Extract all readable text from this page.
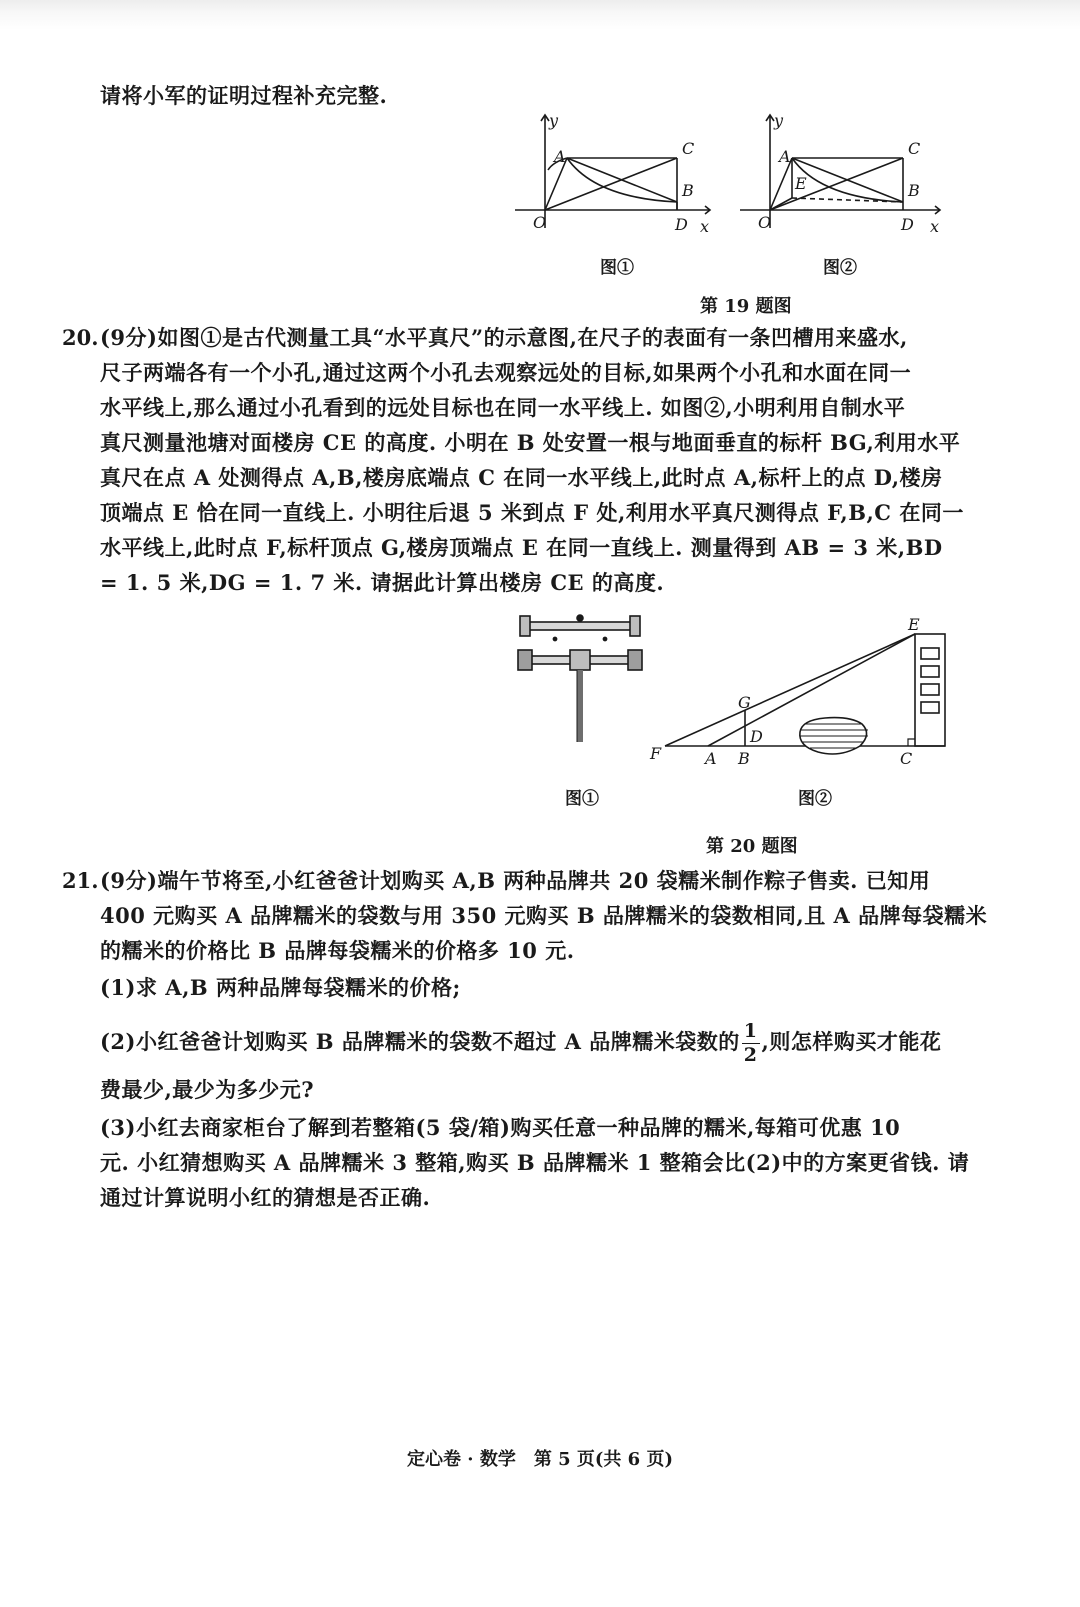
请将小军的证明过程补充完整.
y
x
O
A	C
B
D
y
x
O
A
E
C
B
D
图①	图②
第 19 题图
20. (9分)如图①是古代测量工具“水平真尺”的示意图,在尺子的表面有一条凹槽用来盛水,
尺子两端各有一个小孔,通过这两个小孔去观察远处的目标,如果两个小孔和水面在同一
水平线上,那么通过小孔看到的远处目标也在同一水平线上. 如图②,小明利用自制水平
真尺测量池塘对面楼房 CE 的高度. 小明在 B 处安置一根与地面垂直的标杆 BG,利用水平
真尺在点 A 处测得点 A,B,楼房底端点 C 在同一水平线上,此时点 A,标杆上的点 D,楼房
顶端点 E 恰在同一直线上. 小明往后退 5 米到点 F 处,利用水平真尺测得点 F,B,C 在同一
水平线上,此时点 F,标杆顶点 G,楼房顶端点 E 在同一直线上. 测量得到 AB = 3 米,BD
= 1. 5 米,DG = 1. 7 米. 请据此计算出楼房 CE 的高度.
E
G
D
F	A B	C
图①	图②
第 20 题图
21. (9分)端午节将至,小红爸爸计划购买 A,B 两种品牌共 20 袋糯米制作粽子售卖. 已知用
400 元购买 A 品牌糯米的袋数与用 350 元购买 B 品牌糯米的袋数相同,且 A 品牌每袋糯米
的糯米的价格比 B 品牌每袋糯米的价格多 10 元.
(1)求 A,B 两种品牌每袋糯米的价格;
(2)小红爸爸计划购买 B 品牌糯米的袋数不超过 A 品牌糯米袋数的 $\frac{1}{2}$ ,则怎样购买才能花
费最少,最少为多少元?
(3)小红去商家柜台了解到若整箱(5 袋/箱)购买任意一种品牌的糯米,每箱可优惠 10
元. 小红猜想购买 A 品牌糯米 3 整箱,购买 B 品牌糯米 1 整箱会比(2)中的方案更省钱. 请
通过计算说明小红的猜想是否正确.
定心卷 · 数学　第 5 页(共 6 页)
